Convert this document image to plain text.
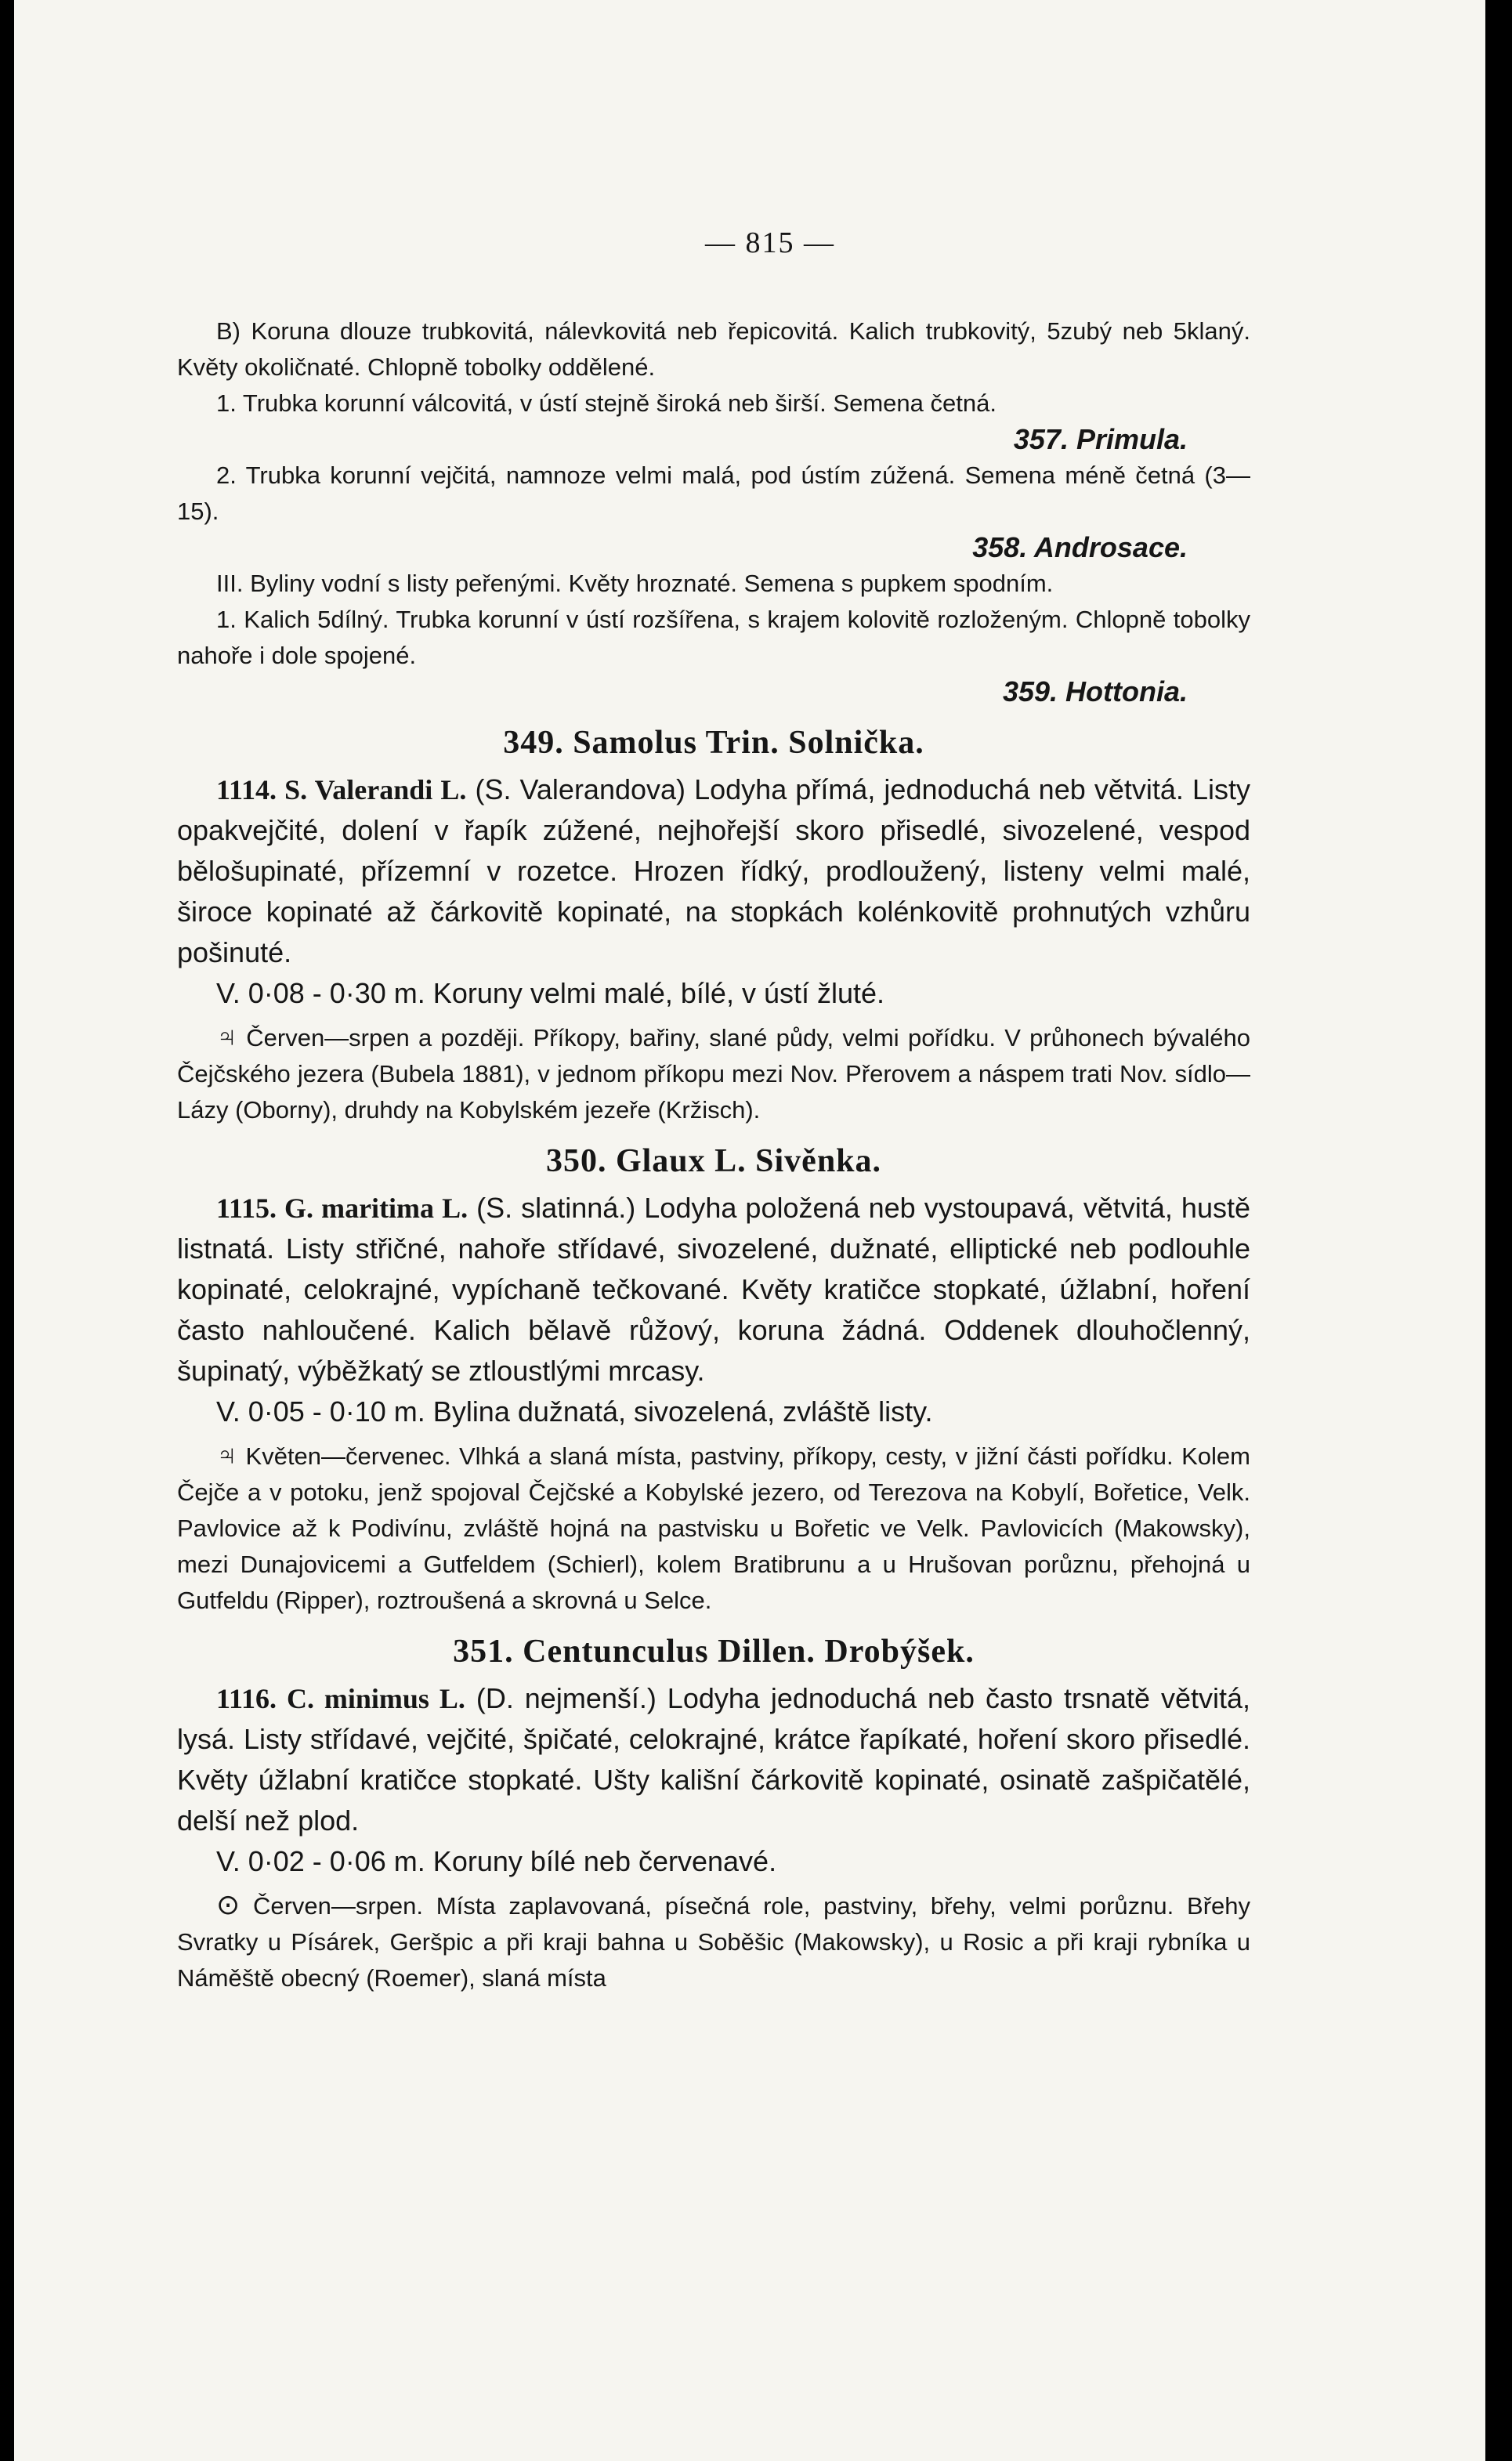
— 815 —

B) Koruna dlouze trubkovitá, nálevkovitá neb řepicovitá. Kalich trubkovitý, 5zubý neb 5klaný. Květy okoličnaté. Chlopně tobolky oddělené.

1. Trubka korunní válcovitá, v ústí stejně široká neb širší. Semena četná.

357. Primula.

2. Trubka korunní vejčitá, namnoze velmi malá, pod ústím zúžená. Semena méně četná (3—15).

358. Androsace.

III. Byliny vodní s listy peřenými. Květy hroznaté. Semena s pupkem spodním.

1. Kalich 5dílný. Trubka korunní v ústí rozšířena, s krajem kolovitě rozloženým. Chlopně tobolky nahoře i dole spojené.

359. Hottonia.
349. Samolus Trin. Solnička.

1114. S. Valerandi L. (S. Valerandova) Lodyha přímá, jednoduchá neb větvitá. Listy opakvejčité, dolení v řapík zúžené, nejhořejší skoro přisedlé, sivozelené, vespod bělošupinaté, přízemní v rozetce. Hrozen řídký, prodloužený, listeny velmi malé, široce kopinaté až čárkovitě kopinaté, na stopkách kolénkovitě prohnutých vzhůru pošinuté.

V. 0·08 - 0·30 m. Koruny velmi malé, bílé, v ústí žluté.

♃ Červen—srpen a později. Příkopy, bařiny, slané půdy, velmi pořídku. V průhonech bývalého Čejčského jezera (Bubela 1881), v jednom příkopu mezi Nov. Přerovem a náspem trati Nov. sídlo—Lázy (Oborny), druhdy na Kobylském jezeře (Kržisch).

350. Glaux L. Sivěnka.

1115. G. maritima L. (S. slatinná.) Lodyha položená neb vystoupavá, větvitá, hustě listnatá. Listy střičné, nahoře střídavé, sivozelené, dužnaté, elliptické neb podlouhle kopinaté, celokrajné, vypíchaně tečkované. Květy kratičce stopkaté, úžlabní, hoření často nahloučené. Kalich bělavě růžový, koruna žádná. Oddenek dlouhočlenný, šupinatý, výběžkatý se ztloustlými mrcasy.

V. 0·05 - 0·10 m. Bylina dužnatá, sivozelená, zvláště listy.

♃ Květen—červenec. Vlhká a slaná místa, pastviny, příkopy, cesty, v jižní části pořídku. Kolem Čejče a v potoku, jenž spojoval Čejčské a Kobylské jezero, od Terezova na Kobylí, Bořetice, Velk. Pavlovice až k Podivínu, zvláště hojná na pastvisku u Bořetic ve Velk. Pavlovicích (Makowsky), mezi Dunajovicemi a Gutfeldem (Schierl), kolem Bratibrunu a u Hrušovan porůznu, přehojná u Gutfeldu (Ripper), roztroušená a skrovná u Selce.

351. Centunculus Dillen. Drobýšek.

1116. C. minimus L. (D. nejmenší.) Lodyha jednoduchá neb často trsnatě větvitá, lysá. Listy střídavé, vejčité, špičaté, celokrajné, krátce řapíkaté, hoření skoro přisedlé. Květy úžlabní kratičce stopkaté. Ušty kališní čárkovitě kopinaté, osinatě zašpičatělé, delší než plod.

V. 0·02 - 0·06 m. Koruny bílé neb červenavé.

⊙ Červen—srpen. Místa zaplavovaná, písečná role, pastviny, břehy, velmi porůznu. Břehy Svratky u Písárek, Geršpic a při kraji bahna u Soběšic (Makowsky), u Rosic a při kraji rybníka u Náměště obecný (Roemer), slaná místa
